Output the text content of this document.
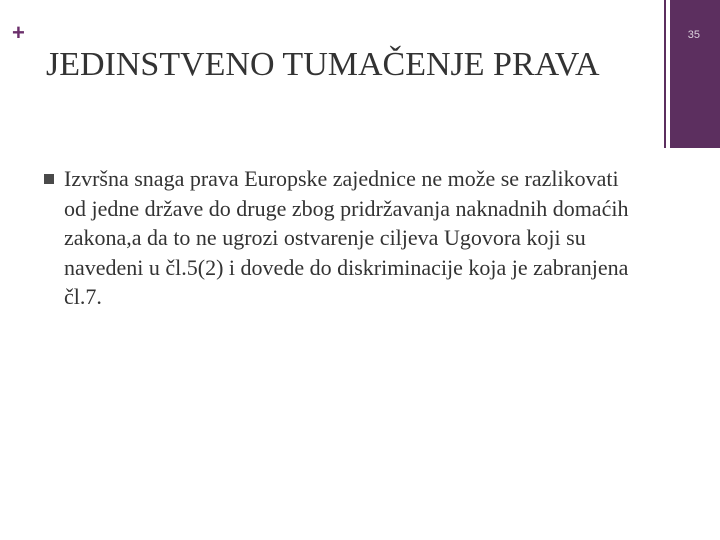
+	35
JEDINSTVENO TUMAČENJE PRAVA
Izvršna snaga prava Europske zajednice ne može se razlikovati od jedne države do druge zbog pridržavanja naknadnih domaćih zakona,a da to ne ugrozi ostvarenje ciljeva Ugovora koji su navedeni u čl.5(2) i dovede do diskriminacije koja je zabranjena čl.7.
